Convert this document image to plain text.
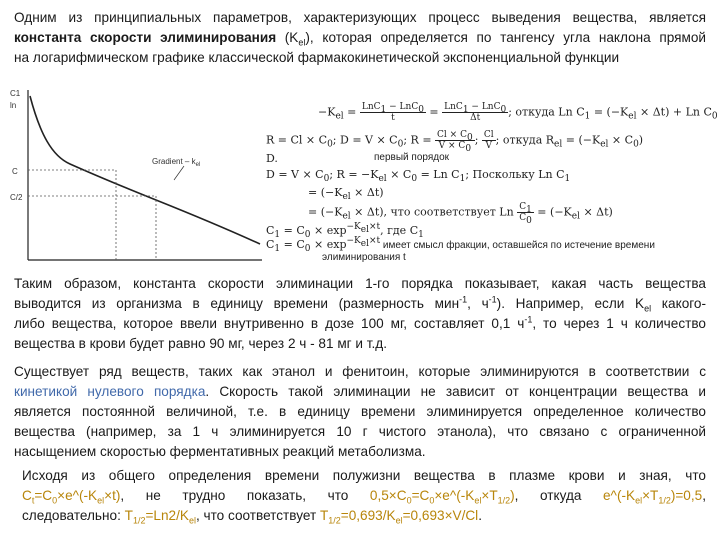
Одним из принципиальных параметров, характеризующих процесс выведения вещества, является
константа скорости элиминирования $(K_{el})$, которая определяется по тангенсу угла наклона прямой
на логарифмическом графике классической фармакокинетической экспоненциальной функции
C1
ln
C
C/2
Gradient – $k_{el}$
$-K_{el} = \frac{LnC_1 - LnC_0}{t} = \frac{LnC_1 - LnC_0}{\Delta t}$ ; откуда Ln $C_1 = (-K_{el} \times \Delta t) + Ln$ $C_0$
$R = Cl \times C_0$; $D = V \times C_0$; $R = \frac{Cl \times C_0}{V \times C_0}$ ; $\frac{Cl}{V}$ ; откуда $R_{el} = (-K_{el} \times C_0)$
D.	первый порядок
$D = V \times C_0$; $R = -K_{el} \times C_0 = Ln$ $C_1$; Поскольку Ln $C_1$
= $(-K_{el} \times \Delta t)$
= $(-K_{el} \times \Delta t)$, что соответствует Ln $\frac{C_1}{C_0} = (-K_{el} \times \Delta t)$
$C_1 = C_0 \times \exp^{-K_{el}\times t}$, где $C_1$
$C_1 = C_0 \times \exp^{-K_{el}\times t}$ имеет смысл фракции, оставшейся по истечение времени
элиминирования t
Таким образом, константа скорости элиминации 1-го порядка показывает, какая часть вещества
выводится из организма в единицу времени (размерность мин$^{-1}$, $ч^{-1}$). Например, если $K_{el}$ какого-
либо вещества, которое ввели внутривенно в дозе 100 мг, составляет 0,1 $ч^{-1}$, то через 1 ч количество
вещества в крови будет равно 90 мг, через 2 ч - 81 мг и т.д.
Существует ряд веществ, таких как этанол и фенитоин, которые элиминируются в соответствии с
кинетикой нулевого порядка. Скорость такой элиминации не зависит от концентрации вещества и
является постоянной величиной, т.е. в единицу времени элиминируется определенное количество
вещества (например, за 1 ч элиминируется 10 г чистого этанола), что связано с ограниченной
насыщением скоростью ферментативных реакций метаболизма.
Исходя из общего определения времени полужизни вещества в плазме крови и зная, что
$C_t=C_0\times e\^{}(-K_{el}\times t)$, не трудно показать, что $0,5\times C_0=C_0\times e\^{}(-K_{el}\times T_{1/2})$, откуда $e\^{}(-K_{el}\times T_{1/2})=0,5$,
следовательно: $T_{1/2}=Ln2/K_{el}$, что соответствует $T_{1/2}=0,693/K_{el}=0,693\times V/Cl$.
